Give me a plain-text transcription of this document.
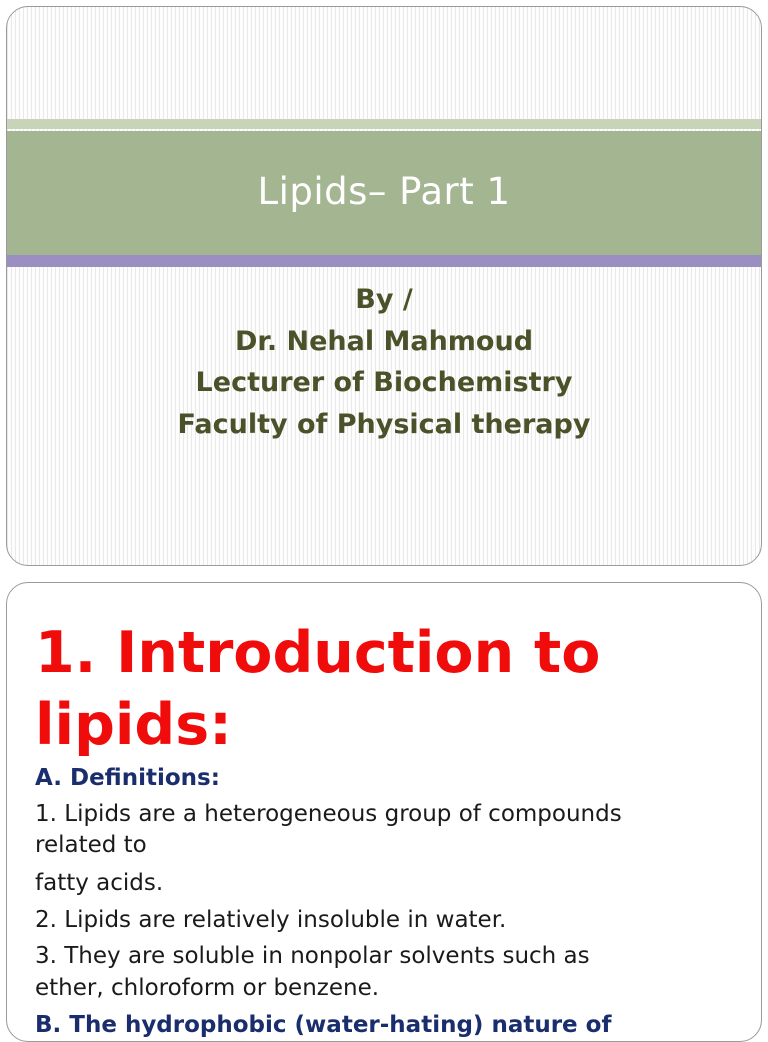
Lipids– Part 1
By /
Dr. Nehal Mahmoud
Lecturer of Biochemistry
Faculty of Physical therapy
1. Introduction to
lipids:
A. Definitions:
1. Lipids are a heterogeneous group of compounds
related to
fatty acids.
2. Lipids are relatively insoluble in water.
3. They are soluble in nonpolar solvents such as
ether, chloroform or benzene.
B. The hydrophobic (water-hating) nature of
